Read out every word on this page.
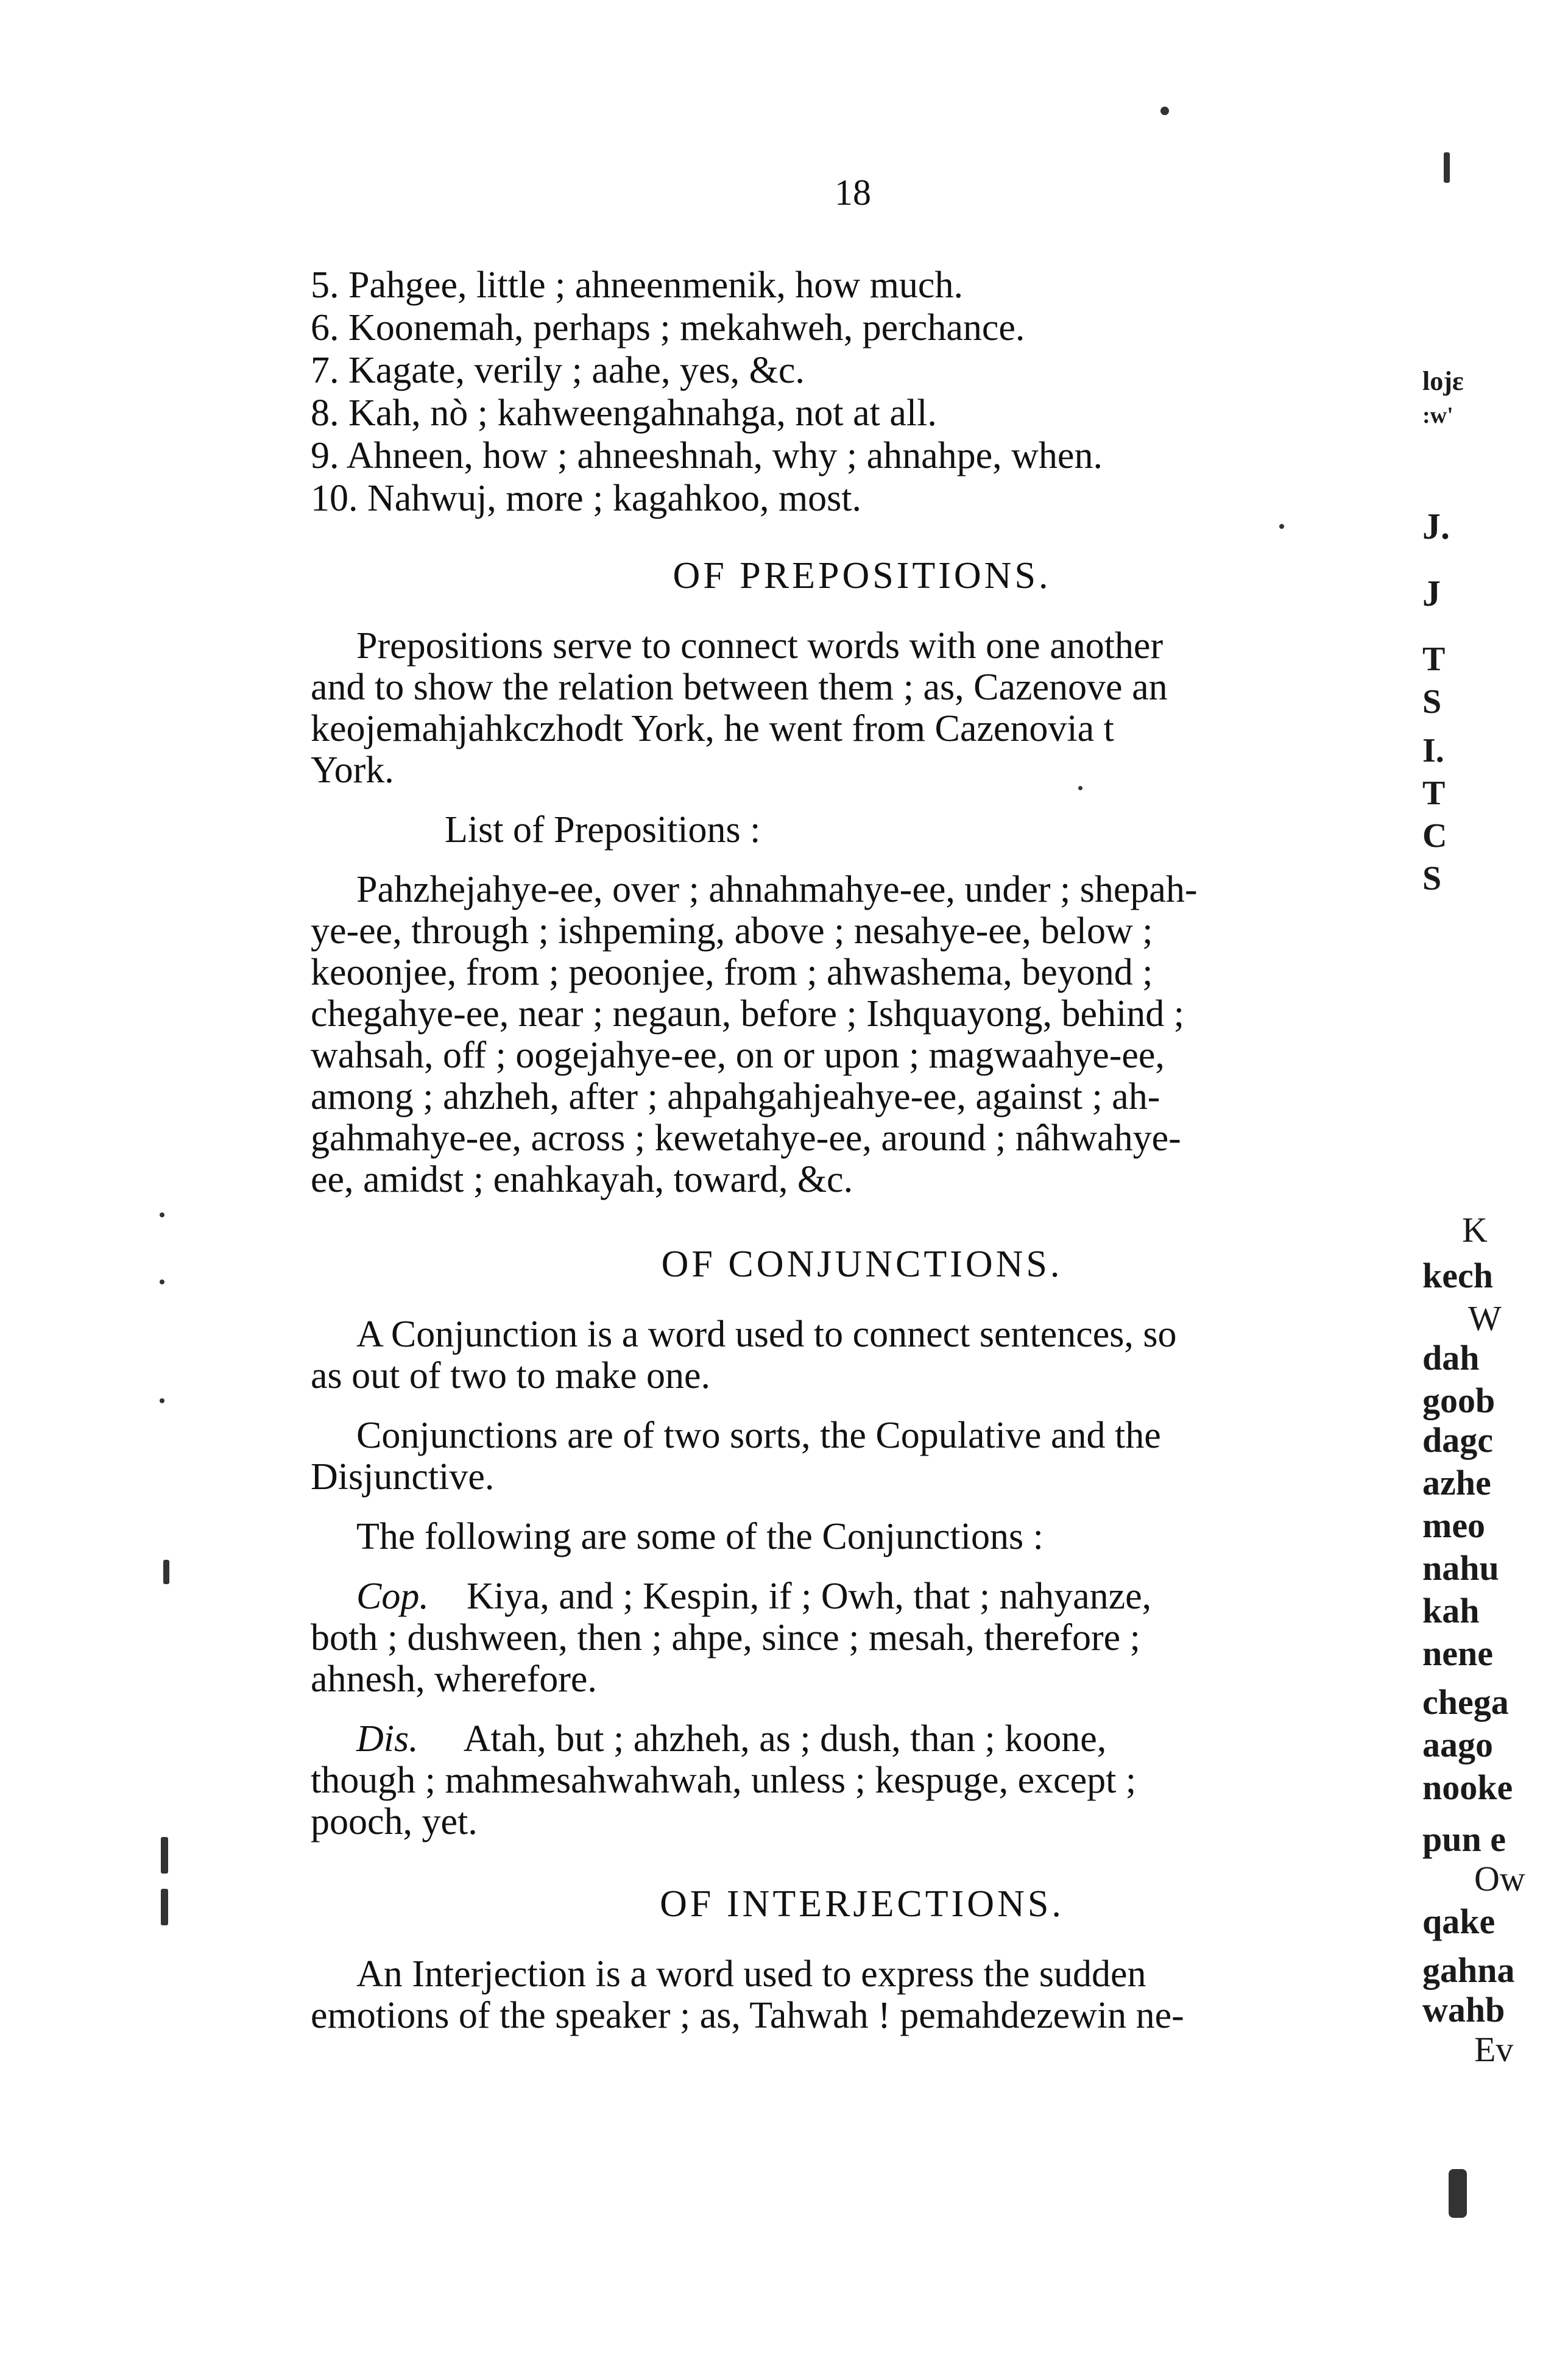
18
5. Pahgee, little ; ahneenmenik, how much.
6. Koonemah, perhaps ; mekahweh, perchance.
7. Kagate, verily ; aahe, yes, &c.
8. Kah, nò ; kahweengahnahga, not at all.
9. Ahneen, how ; ahneeshnah, why ; ahnahpe, when.
10. Nahwuj, more ; kagahkoo, most.
OF PREPOSITIONS.
Prepositions serve to connect words with one another
and to show the relation between them ; as, Cazenove an
keojemahjahkczhodt York, he went from Cazenovia t
York.
List of Prepositions :
Pahzhejahye-ee, over ; ahnahmahye-ee, under ; shepah-
ye-ee, through ; ishpeming, above ; nesahye-ee, below ;
keoonjee, from ; peoonjee, from ; ahwashema, beyond ;
chegahye-ee, near ; negaun, before ; Ishquayong, behind ;
wahsah, off ; oogejahye-ee, on or upon ; magwaahye-ee,
among ; ahzheh, after ; ahpahgahjeahye-ee, against ; ah-
gahmahye-ee, across ; kewetahye-ee, around ; nâhwahye-
ee, amidst ; enahkayah, toward, &c.
OF CONJUNCTIONS.
A Conjunction is a word used to connect sentences, so
as out of two to make one.
Conjunctions are of two sorts, the Copulative and the
Disjunctive.
The following are some of the Conjunctions :
Cop. Kiya, and ; Kespin, if ; Owh, that ; nahyanze,
both ; dushween, then ; ahpe, since ; mesah, therefore ;
ahnesh, wherefore.
Dis. Atah, but ; ahzheh, as ; dush, than ; koone,
though ; mahmesahwahwah, unless ; kespuge, except ;
pooch, yet.
OF INTERJECTIONS.
An Interjection is a word used to express the sudden
emotions of the speaker ; as, Tahwah ! pemahdezewin ne-
lojε
:w'
J.
J
T
S
I.
T
C
S
K
kech
W
dah
goob
dagc
azhe
meo
nahu
kah
nene
chega
aago
nooke
pun e
Ow
qake
gahna
wahb
Ev
